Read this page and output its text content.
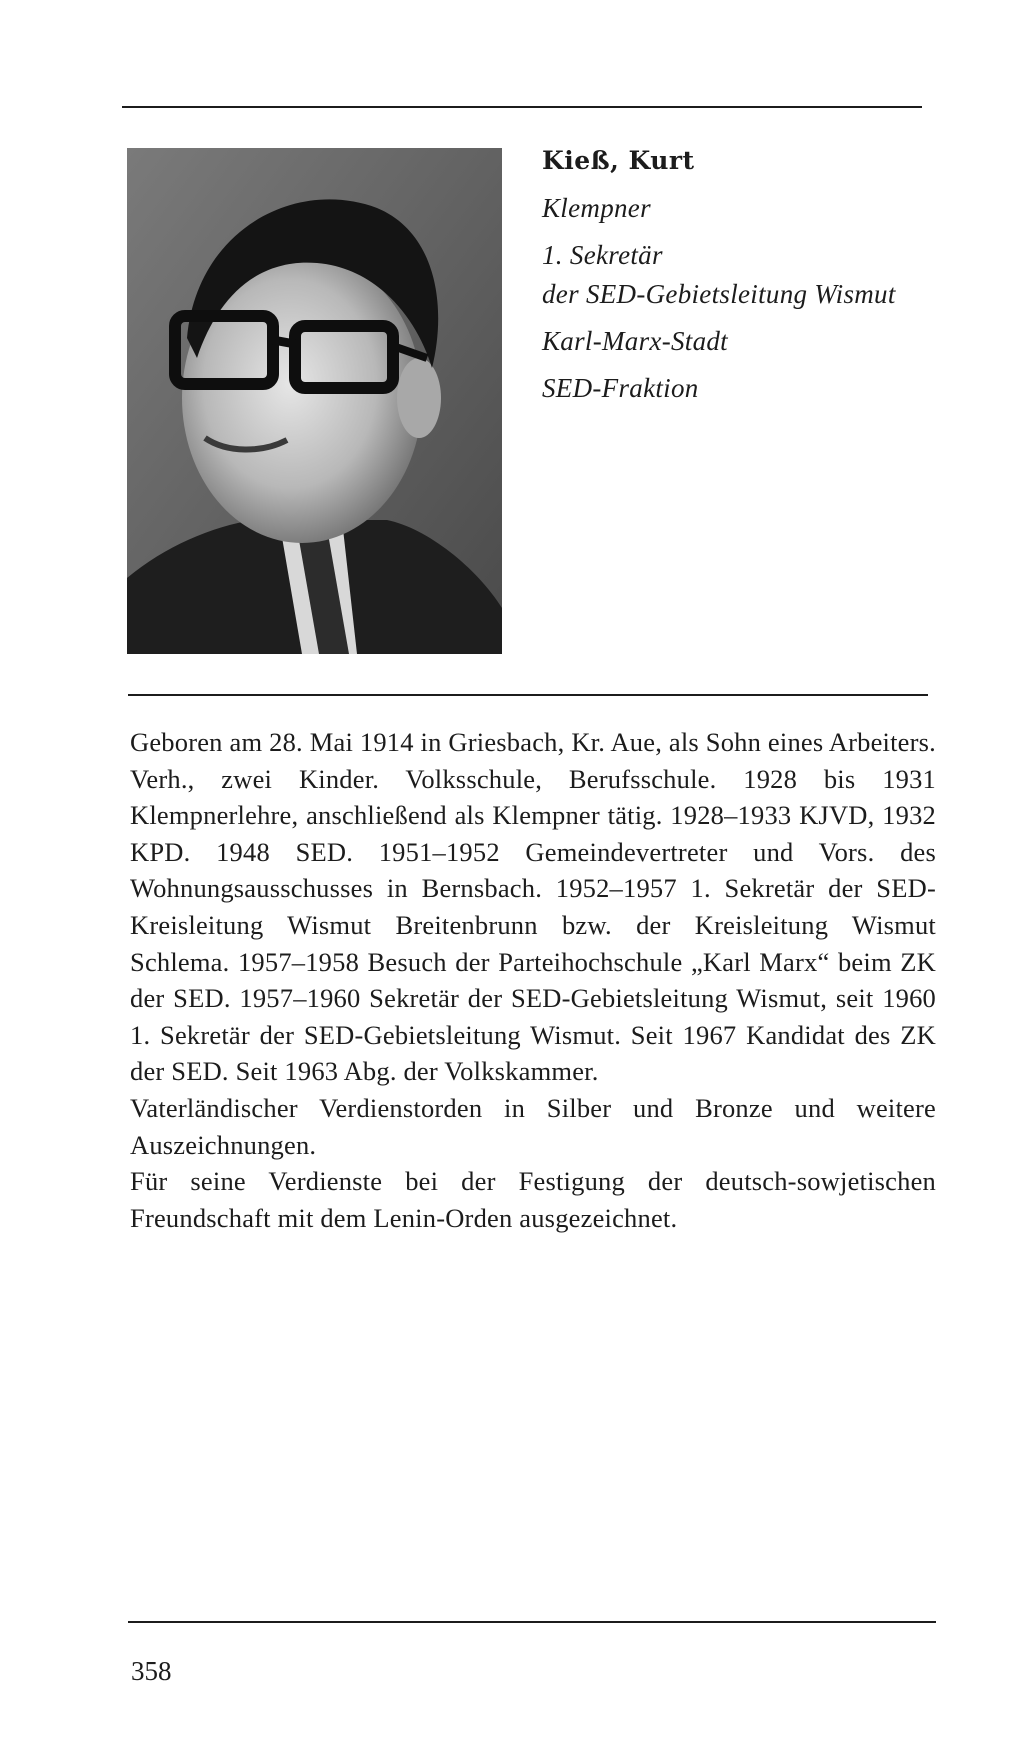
Kieß, Kurt

Klempner

1. Sekretär

der SED-Gebietsleitung Wismut

Karl-Marx-Stadt

SED-Fraktion

Geboren am 28. Mai 1914 in Griesbach, Kr. Aue, als Sohn eines Arbeiters. Verh., zwei Kinder. Volksschule, Berufsschule. 1928 bis 1931 Klempnerlehre, anschließend als Klempner tätig. 1928–1933 KJVD, 1932 KPD. 1948 SED. 1951–1952 Gemeindevertreter und Vors. des Wohnungsausschusses in Bernsbach. 1952–1957 1. Sekretär der SED-Kreisleitung Wismut Breitenbrunn bzw. der Kreisleitung Wismut Schlema. 1957–1958 Besuch der Parteihochschule „Karl Marx“ beim ZK der SED. 1957–1960 Sekretär der SED-Gebietsleitung Wismut, seit 1960 1. Sekretär der SED-Gebietsleitung Wismut. Seit 1967 Kandidat des ZK der SED. Seit 1963 Abg. der Volkskammer.

Vaterländischer Verdienstorden in Silber und Bronze und weitere Auszeichnungen.

Für seine Verdienste bei der Festigung der deutsch-sowjetischen Freundschaft mit dem Lenin-Orden ausgezeichnet.

358
